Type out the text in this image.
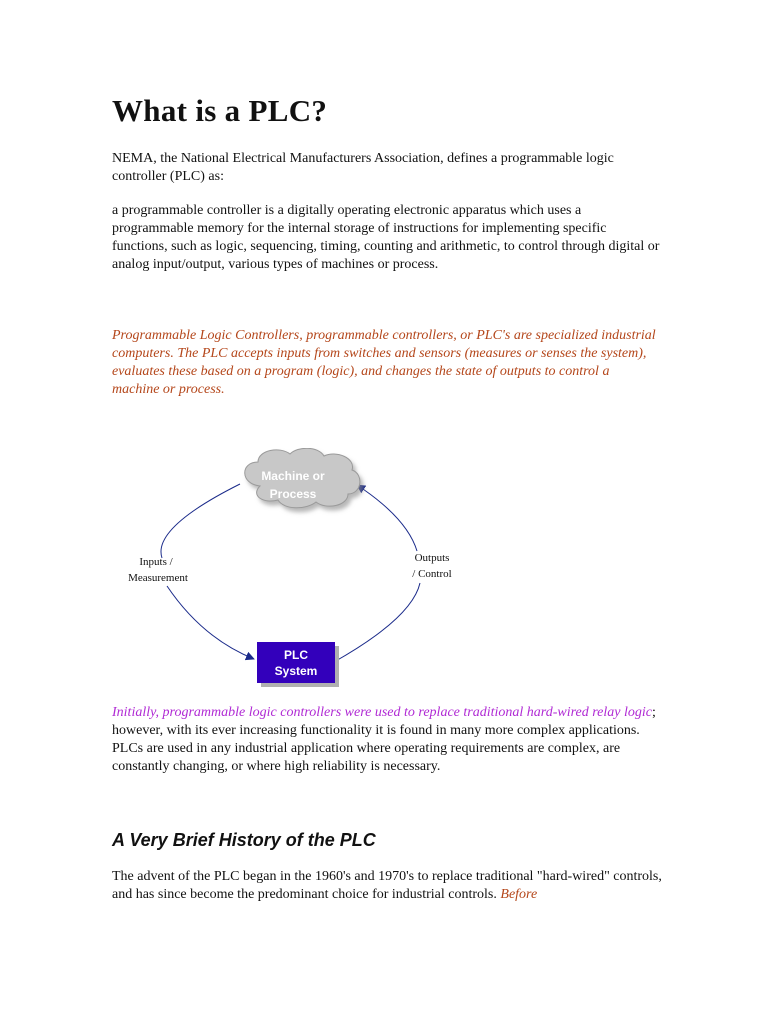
What is a PLC?

NEMA, the National Electrical Manufacturers Association, defines a programmable logic controller (PLC) as:

a programmable controller is a digitally operating electronic apparatus which uses a programmable memory for the internal storage of instructions for implementing specific functions, such as logic, sequencing, timing, counting and arithmetic, to control through digital or analog input/output, various types of machines or process.

Programmable Logic Controllers, programmable controllers, or PLC's are specialized industrial computers. The PLC accepts inputs from switches and sensors (measures or senses the system), evaluates these based on a program (logic), and changes the state of outputs to control a machine or process.

Initially, programmable logic controllers were used to replace traditional hard-wired relay logic; however, with its ever increasing functionality it is found in many more complex applications. PLCs are used in any industrial application where operating requirements are complex, are constantly changing, or where high reliability is necessary.

A Very Brief History of the PLC

The advent of the PLC began in the 1960's and 1970's to replace traditional "hard-wired" controls, and has since become the predominant choice for industrial controls. Before

Machine or
Process
Inputs /
Measurement
Outputs
/ Control
PLC
System
